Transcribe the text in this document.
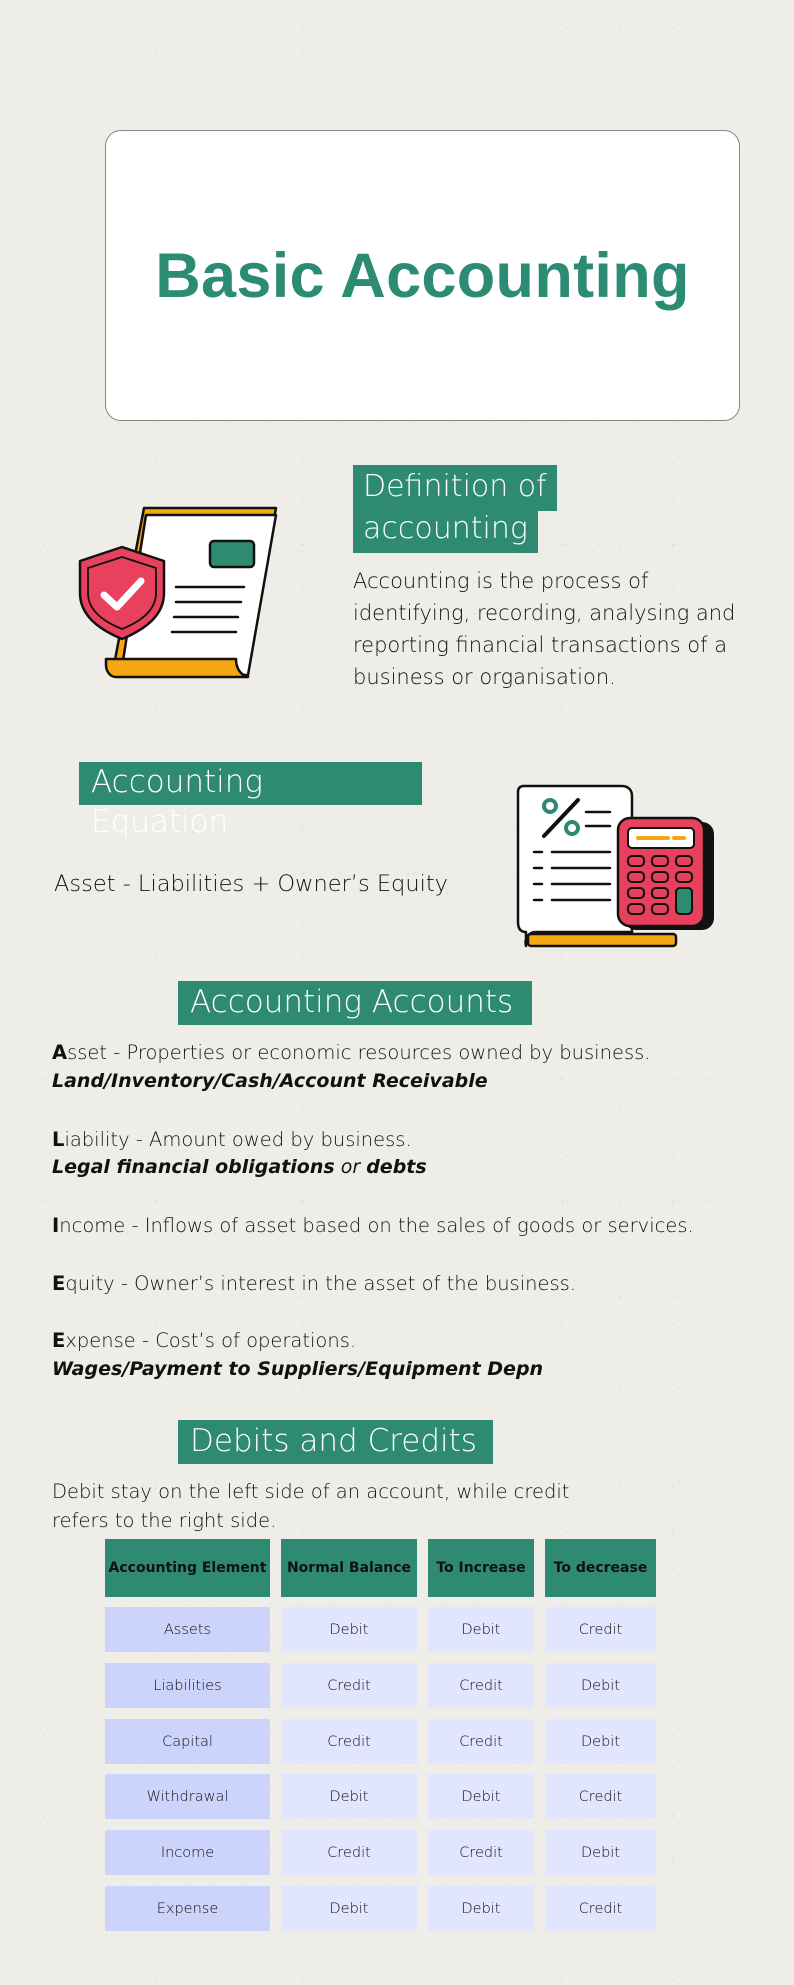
Basic Accounting
Definition of
accounting
Accounting is the process of identifying, recording, analysing and reporting financial transactions of a business or organisation.
Accounting Equation
Asset - Liabilities + Owner’s Equity
Accounting Accounts
Asset - Properties or economic resources owned by business.
Land/Inventory/Cash/Account Receivable
Liability - Amount owed by business.
Legal financial obligations or debts
Income - Inflows of asset based on the sales of goods or services.
Equity - Owner’s interest in the asset of the business.
Expense - Cost’s of operations.
Wages/Payment to Suppliers/Equipment Depn
Debits and Credits
Debit stay on the left side of an account, while credit refers to the right side.
Accounting Element	Normal Balance	To Increase	To decrease
Assets	Debit	Debit	Credit
Liabilities	Credit	Credit	Debit
Capital	Credit	Credit	Debit
Withdrawal	Debit	Debit	Credit
Income	Credit	Credit	Debit
Expense	Debit	Debit	Credit
